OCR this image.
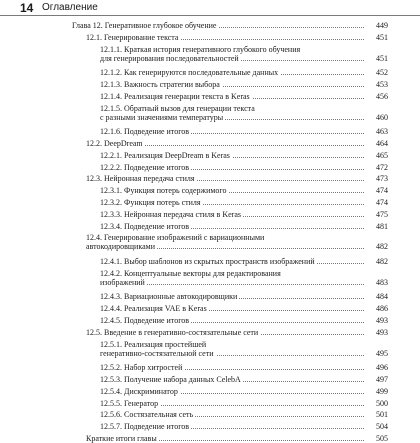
14 Оглавление
Глава 12. Генеративное глубокое обучение	449
12.1. Генерирование текста	451
12.1.1. Краткая история генеративного глубокого обучения
для генерирования последовательностей	451
12.1.2. Как генерируются последовательные данных	452
12.1.3. Важность стратегии выбора	453
12.1.4. Реализация генерации текста в Keras	456
12.1.5. Обратный вызов для генерации текста
с разными значениями температуры	460
12.1.6. Подведение итогов	463
12.2. DeepDream	464
12.2.1. Реализация DeepDream в Keras	465
12.2.2. Подведение итогов	472
12.3. Нейронная передача стиля	473
12.3.1. Функция потерь содержимого	474
12.3.2. Функция потерь стиля	474
12.3.3. Нейронная передача стиля в Keras	475
12.3.4. Подведение итогов	481
12.4. Генерирование изображений с вариационными
автокодировщиками	482
12.4.1. Выбор шаблонов из скрытых пространств изображений	482
12.4.2. Концептуальные векторы для редактирования
изображений	483
12.4.3. Вариационные автокодировщики	484
12.4.4. Реализация VAE в Keras	486
12.4.5. Подведение итогов	493
12.5. Введение в генеративно-состязательные сети	493
12.5.1. Реализация простейшей
генеративно-состязательной сети	495
12.5.2. Набор хитростей	496
12.5.3. Получение набора данных CelebA	497
12.5.4. Дискриминатор	499
12.5.5. Генератор	500
12.5.6. Состязательная сеть	501
12.5.7. Подведение итогов	504
Краткие итоги главы	505
